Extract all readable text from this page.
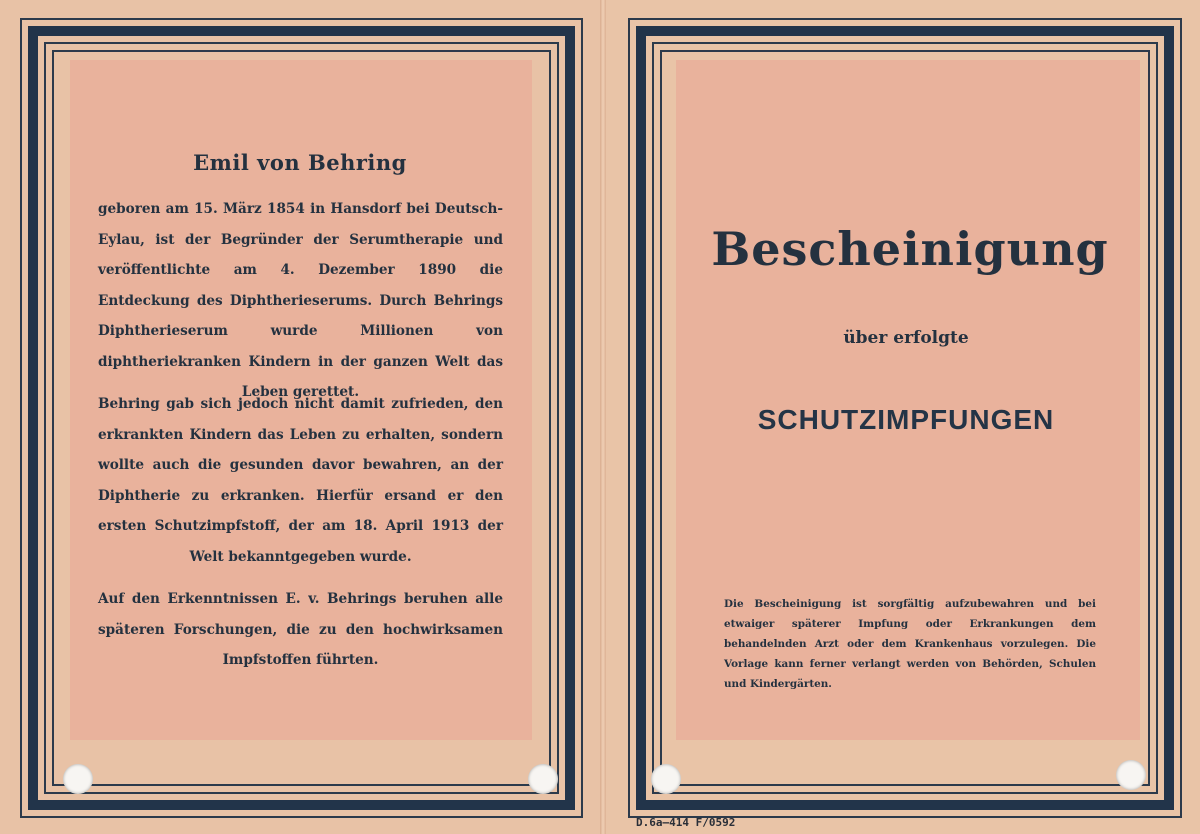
Emil von Behring

geboren am 15. März 1854 in Hansdorf bei Deutsch-Eylau, ist der Begründer der Serumtherapie und veröffentlichte am 4. Dezember 1890 die Entdeckung des Diphtherieserums. Durch Behrings Diphtherieserum wurde Millionen von diphtheriekranken Kindern in der ganzen Welt das Leben gerettet.

Behring gab sich jedoch nicht damit zufrieden, den erkrankten Kindern das Leben zu erhalten, sondern wollte auch die gesunden davor bewahren, an der Diphtherie zu erkranken. Hierfür ersand er den ersten Schutzimpfstoff, der am 18. April 1913 der Welt bekanntgegeben wurde.

Auf den Erkenntnissen E. v. Behrings beruhen alle späteren Forschungen, die zu den hochwirksamen Impfstoffen führten.

Bescheinigung
über erfolgte
SCHUTZIMPFUNGEN

Die Bescheinigung ist sorgfältig aufzubewahren und bei etwaiger späterer Impfung oder Erkrankungen dem behandelnden Arzt oder dem Krankenhaus vorzulegen. Die Vorlage kann ferner verlangt werden von Behörden, Schulen und Kindergärten.

D.6a—414 F/0592
